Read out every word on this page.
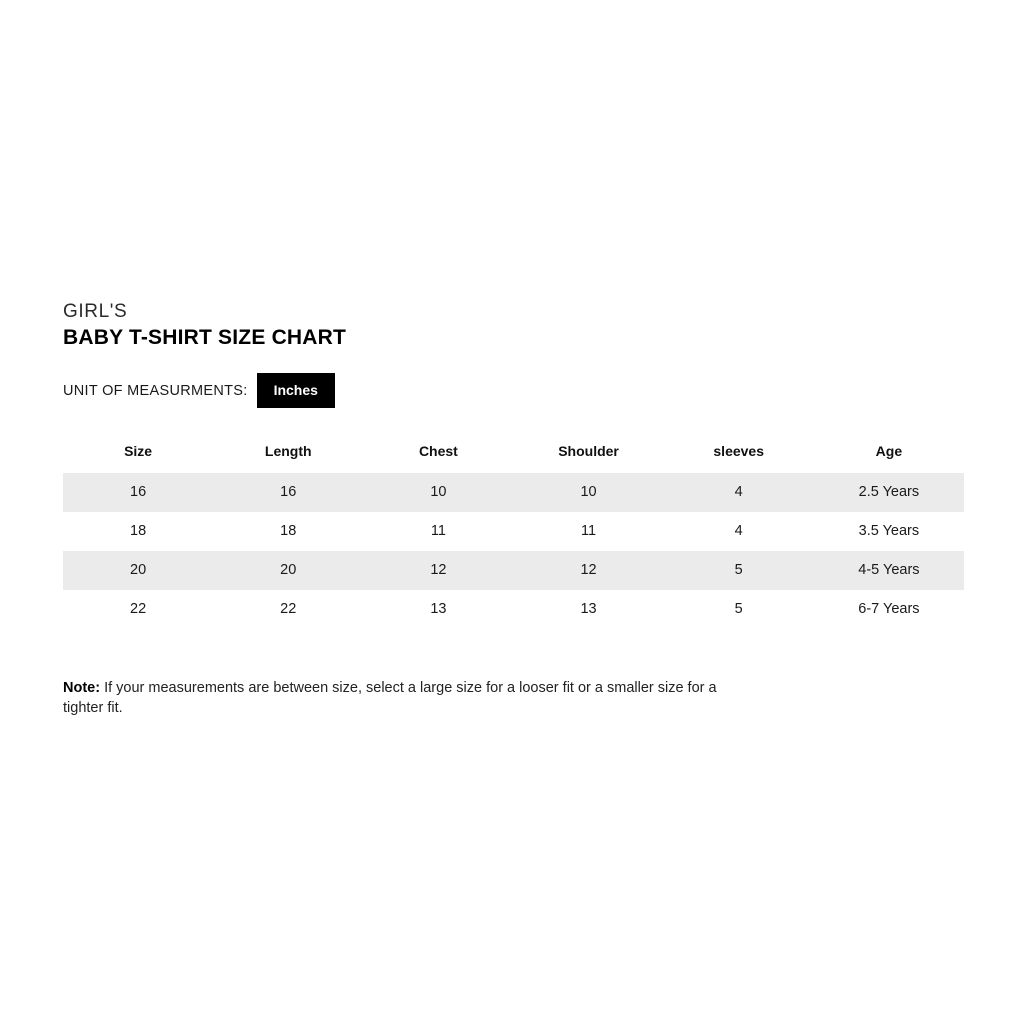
GIRL'S
BABY T-SHIRT SIZE CHART
UNIT OF MEASURMENTS:	Inches
Size	Length	Chest	Shoulder	sleeves	Age
16	16	10	10	4	2.5 Years
18	18	11	11	4	3.5 Years
20	20	12	12	5	4-5 Years
22	22	13	13	5	6-7 Years
Note: If your measurements are between size, select a large size for a looser fit or a smaller size for a tighter fit.
